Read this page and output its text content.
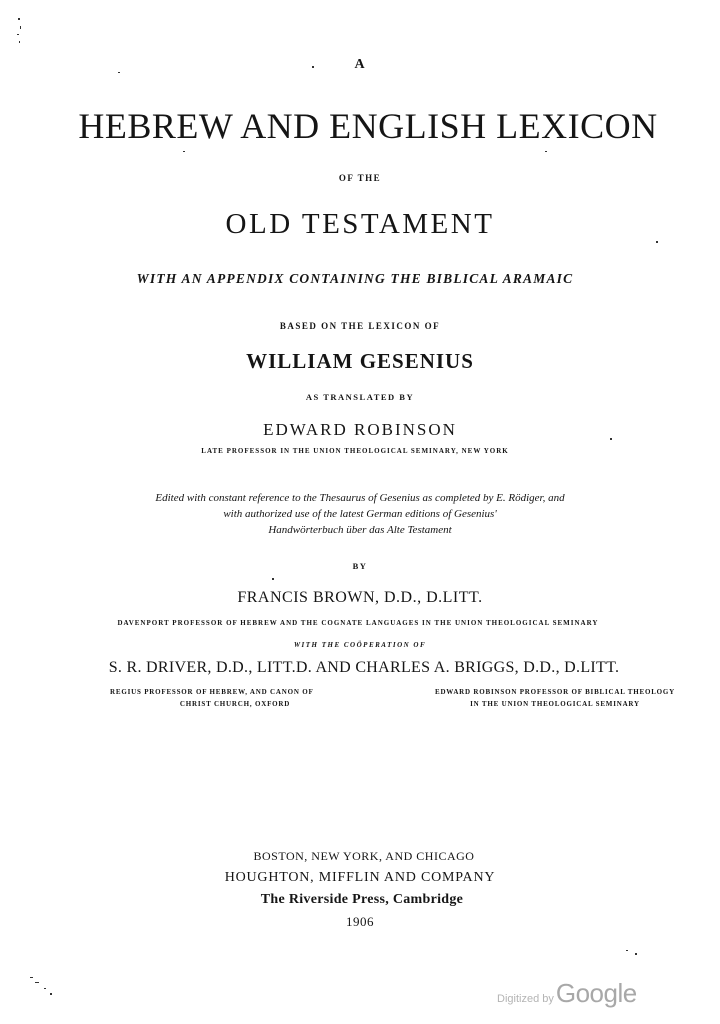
A
HEBREW AND ENGLISH LEXICON
OF THE
OLD TESTAMENT
WITH AN APPENDIX CONTAINING THE BIBLICAL ARAMAIC
BASED ON THE LEXICON OF
WILLIAM GESENIUS
AS TRANSLATED BY
EDWARD ROBINSON
LATE PROFESSOR IN THE UNION THEOLOGICAL SEMINARY, NEW YORK
Edited with constant reference to the Thesaurus of Gesenius as completed by E. Rödiger, and
with authorized use of the latest German editions of Gesenius'
Handwörterbuch über das Alte Testament
BY
FRANCIS BROWN, D.D., D.LITT.
DAVENPORT PROFESSOR OF HEBREW AND THE COGNATE LANGUAGES IN THE UNION THEOLOGICAL SEMINARY
WITH THE COÖPERATION OF
S. R. DRIVER, D.D., LITT.D. AND CHARLES A. BRIGGS, D.D., D.LITT.
REGIUS PROFESSOR OF HEBREW, AND CANON OF
CHRIST CHURCH, OXFORD
EDWARD ROBINSON PROFESSOR OF BIBLICAL THEOLOGY
IN THE UNION THEOLOGICAL SEMINARY
BOSTON, NEW YORK, AND CHICAGO
HOUGHTON, MIFFLIN AND COMPANY
The Riverside Press, Cambridge
1906
Digitized byGoogle
